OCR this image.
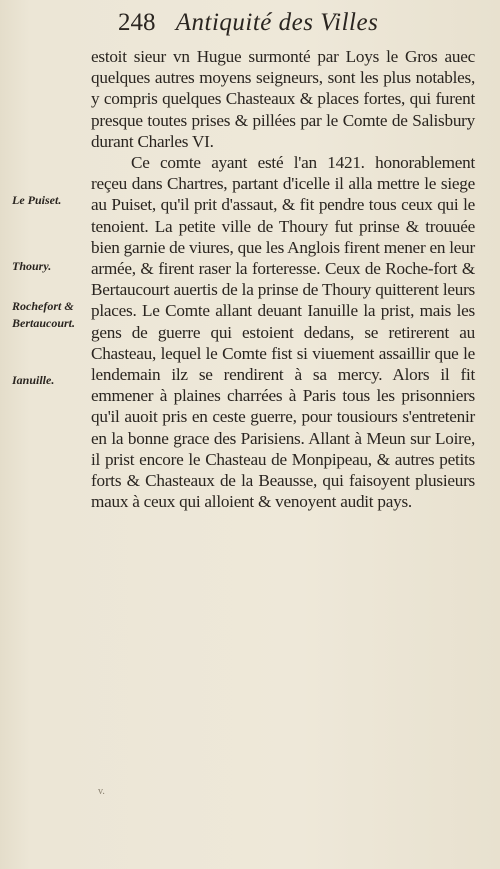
248 Antiquité des Villes
Le Puiset.
Thoury.
Rochefort & Bertaucourt.
Ianuille.

estoit sieur vn Hugue surmonté par Loys le Gros auec quelques autres moyens seigneurs, sont les plus notables, y compris quelques Chasteaux & places fortes, qui furent presque toutes prises & pillées par le Comte de Salisbury durant Charles VI.

Ce comte ayant esté l'an 1421. honorablement reçeu dans Chartres, partant d'icelle il alla mettre le siege au Puiset, qu'il prit d'assaut, & fit pendre tous ceux qui le tenoient. La petite ville de Thoury fut prinse & trouuée bien garnie de viures, que les Anglois firent mener en leur armée, & firent raser la forteresse. Ceux de Roche-fort & Bertaucourt auertis de la prinse de Thoury quitterent leurs places. Le Comte allant deuant Ianuille la prist, mais les gens de guerre qui estoient dedans, se retirerent au Chasteau, lequel le Comte fist si viuement assaillir que le lendemain ilz se rendirent à sa mercy. Alors il fit emmener à plaines charrées à Paris tous les prisonniers qu'il auoit pris en ceste guerre, pour tousiours s'entretenir en la bonne grace des Parisiens. Allant à Meun sur Loire, il prist encore le Chasteau de Monpipeau, & autres petits forts & Chasteaux de la Beausse, qui faisoyent plusieurs maux à ceux qui alloient & venoyent audit pays.

v.
